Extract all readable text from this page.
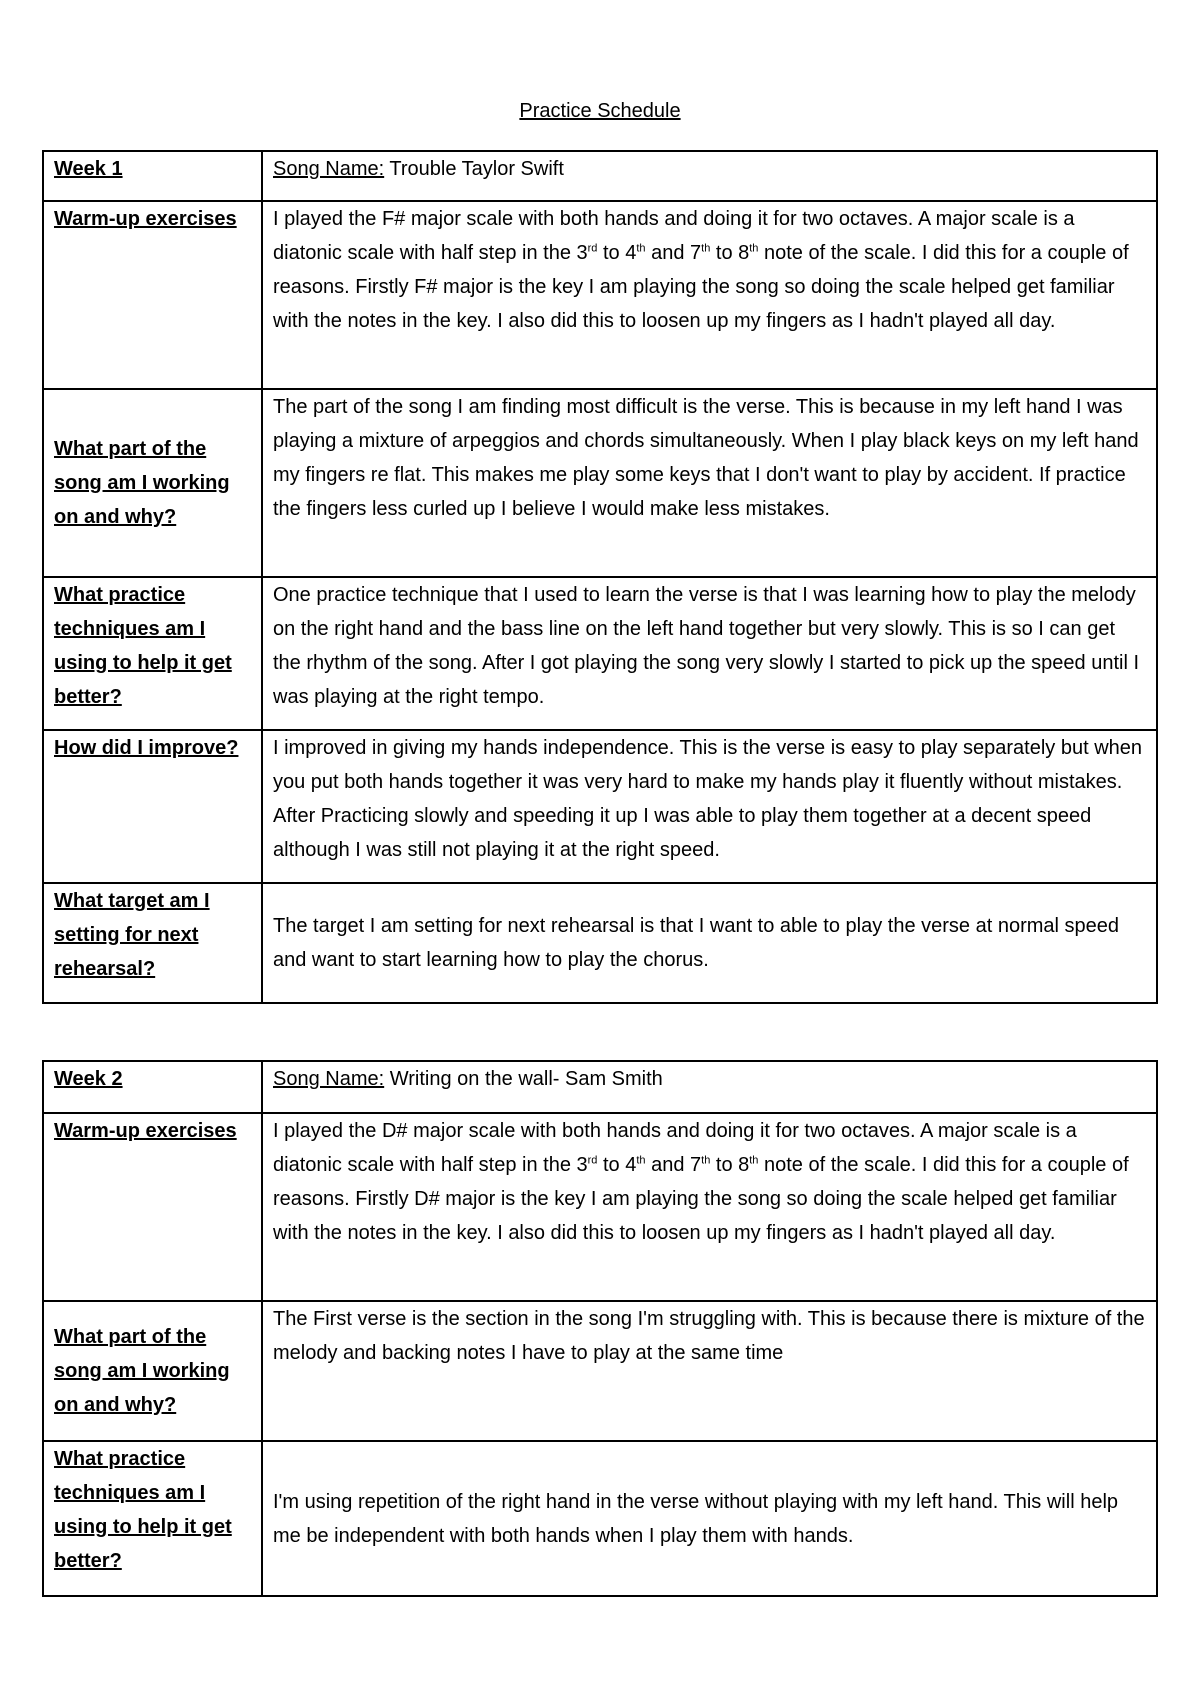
Practice Schedule
Week 1	Song Name: Trouble Taylor Swift
Warm-up exercises	I played the F# major scale with both hands and doing it for two octaves. A major scale is a diatonic scale with half step in the 3rd to 4th and 7th to 8th note of the scale. I did this for a couple of reasons. Firstly F# major is the key I am playing the song so doing the scale helped get familiar with the notes in the key. I also did this to loosen up my fingers as I hadn't played all day.
What part of the song am I working on and why?	The part of the song I am finding most difficult is the verse. This is because in my left hand I was playing a mixture of arpeggios and chords simultaneously. When I play black keys on my left hand my fingers re flat. This makes me play some keys that I don't want to play by accident. If practice the fingers less curled up I believe I would make less mistakes.
What practice techniques am I using to help it get better?	One practice technique that I used to learn the verse is that I was learning how to play the melody on the right hand and the bass line on the left hand together but very slowly. This is so I can get the rhythm of the song. After I got playing the song very slowly I started to pick up the speed until I was playing at the right tempo.
How did I improve?	I improved in giving my hands independence. This is the verse is easy to play separately but when you put both hands together it was very hard to make my hands play it fluently without mistakes. After Practicing slowly and speeding it up I was able to play them together at a decent speed although I was still not playing it at the right speed.
What target am I setting for next rehearsal?	The target I am setting for next rehearsal is that I want to able to play the verse at normal speed and want to start learning how to play the chorus.
Week 2	Song Name: Writing on the wall- Sam Smith
Warm-up exercises	I played the D# major scale with both hands and doing it for two octaves. A major scale is a diatonic scale with half step in the 3rd to 4th and 7th to 8th note of the scale. I did this for a couple of reasons. Firstly D# major is the key I am playing the song so doing the scale helped get familiar with the notes in the key. I also did this to loosen up my fingers as I hadn't played all day.
What part of the song am I working on and why?	The First verse is the section in the song I'm struggling with. This is because there is mixture of the melody and backing notes I have to play at the same time
What practice techniques am I using to help it get better?	I'm using repetition of the right hand in the verse without playing with my left hand. This will help me be independent with both hands when I play them with hands.
